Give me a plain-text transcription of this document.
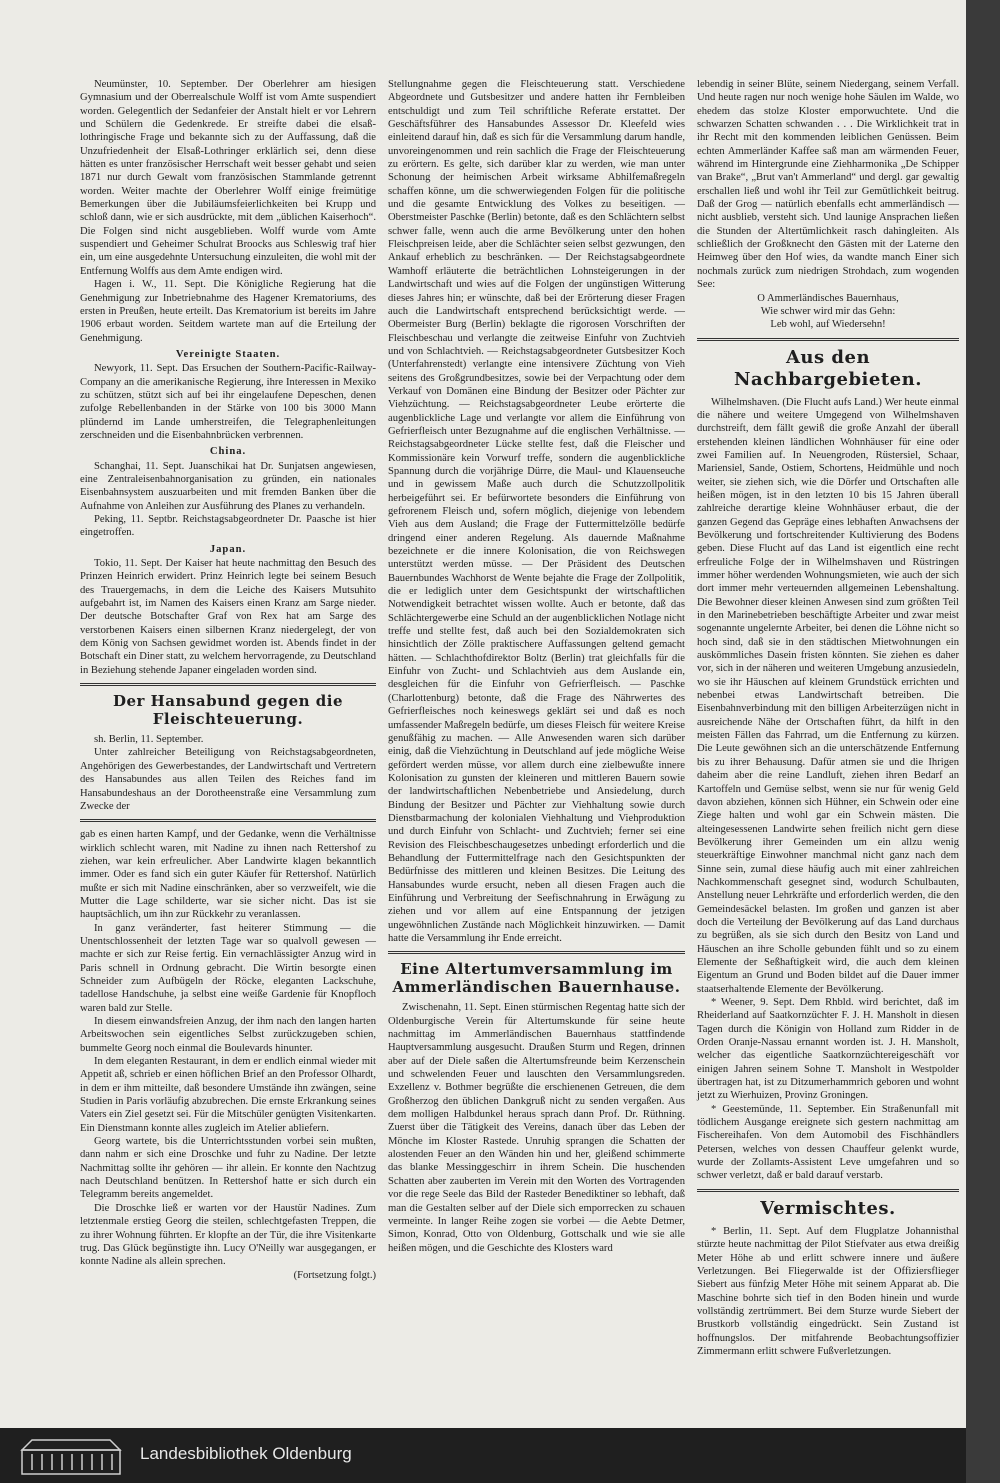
Neumünster, 10. September. Der Oberlehrer am hiesigen Gymnasium und der Oberrealschule Wolff ist vom Amte suspendiert worden. Gelegentlich der Sedanfeier der Anstalt hielt er vor Lehrern und Schülern die Gedenkrede. Er streifte dabei die elsaß-lothringische Frage und bekannte sich zu der Auffassung, daß die Unzufriedenheit der Elsaß-Lothringer erklärlich sei, denn diese hätten es unter französischer Herrschaft weit besser gehabt und seien 1871 nur durch Gewalt vom französischen Stammlande getrennt worden. Weiter machte der Oberlehrer Wolff einige freimütige Bemerkungen über die Jubiläumsfeierlichkeiten bei Krupp und schloß dann, wie er sich ausdrückte, mit dem „üblichen Kaiserhoch“. Die Folgen sind nicht ausgeblieben. Wolff wurde vom Amte suspendiert und Geheimer Schulrat Broocks aus Schleswig traf hier ein, um eine ausgedehnte Untersuchung einzuleiten, die wohl mit der Entfernung Wolffs aus dem Amte endigen wird.

Hagen i. W., 11. Sept. Die Königliche Regierung hat die Genehmigung zur Inbetriebnahme des Hagener Krematoriums, des ersten in Preußen, heute erteilt. Das Krematorium ist bereits im Jahre 1906 erbaut worden. Seitdem wartete man auf die Erteilung der Genehmigung.

Vereinigte Staaten.

Newyork, 11. Sept. Das Ersuchen der Southern-Pacific-Railway-Company an die amerikanische Regierung, ihre Interessen in Mexiko zu schützen, stützt sich auf bei ihr eingelaufene Depeschen, denen zufolge Rebellenbanden in der Stärke von 100 bis 3000 Mann plündernd im Lande umherstreifen, die Telegraphenleitungen zerschneiden und die Eisenbahnbrücken verbrennen.

China.

Schanghai, 11. Sept. Juanschikai hat Dr. Sunjatsen angewiesen, eine Zentraleisenbahnorganisation zu gründen, ein nationales Eisenbahnsystem auszuarbeiten und mit fremden Banken über die Aufnahme von Anleihen zur Ausführung des Planes zu verhandeln.

Peking, 11. Septbr. Reichstagsabgeordneter Dr. Paasche ist hier eingetroffen.

Japan.

Tokio, 11. Sept. Der Kaiser hat heute nachmittag den Besuch des Prinzen Heinrich erwidert. Prinz Heinrich legte bei seinem Besuch des Trauergemachs, in dem die Leiche des Kaisers Mutsuhito aufgebahrt ist, im Namen des Kaisers einen Kranz am Sarge nieder. Der deutsche Botschafter Graf von Rex hat am Sarge des verstorbenen Kaisers einen silbernen Kranz niedergelegt, der von dem König von Sachsen gewidmet worden ist. Abends findet in der Botschaft ein Diner statt, zu welchem hervorragende, zu Deutschland in Beziehung stehende Japaner eingeladen worden sind.

Der Hansabund gegen die Fleischteuerung.

sh. Berlin, 11. September.

Unter zahlreicher Beteiligung von Reichstagsabgeordneten, Angehörigen des Gewerbestandes, der Landwirtschaft und Vertretern des Hansabundes aus allen Teilen des Reiches fand im Hansabundeshaus an der Dorotheenstraße eine Versammlung zum Zwecke der

gab es einen harten Kampf, und der Gedanke, wenn die Verhältnisse wirklich schlecht waren, mit Nadine zu ihnen nach Rettershof zu ziehen, war kein erfreulicher. Aber Landwirte klagen bekanntlich immer. Oder es fand sich ein guter Käufer für Rettershof. Natürlich mußte er sich mit Nadine einschränken, aber so verzweifelt, wie die Mutter die Lage schilderte, war sie sicher nicht. Das ist sie hauptsächlich, um ihn zur Rückkehr zu veranlassen.

In ganz veränderter, fast heiterer Stimmung — die Unentschlossenheit der letzten Tage war so qualvoll gewesen — machte er sich zur Reise fertig. Ein vernachlässigter Anzug wird in Paris schnell in Ordnung gebracht. Die Wirtin besorgte einen Schneider zum Aufbügeln der Röcke, eleganten Lackschuhe, tadellose Handschuhe, ja selbst eine weiße Gardenie für Knopfloch waren bald zur Stelle.

In diesem einwandsfreien Anzug, der ihm nach den langen harten Arbeitswochen sein eigentliches Selbst zurückzugeben schien, bummelte Georg noch einmal die Boulevards hinunter.

In dem eleganten Restaurant, in dem er endlich einmal wieder mit Appetit aß, schrieb er einen höflichen Brief an den Professor Olhardt, in dem er ihm mitteilte, daß besondere Umstände ihn zwängen, seine Studien in Paris vorläufig abzubrechen. Die ernste Erkrankung seines Vaters ein Ziel gesetzt sei. Für die Mitschüler genügten Visitenkarten. Ein Dienstmann konnte alles zugleich im Atelier abliefern.

Georg wartete, bis die Unterrichtsstunden vorbei sein mußten, dann nahm er sich eine Droschke und fuhr zu Nadine. Der letzte Nachmittag sollte ihr gehören — ihr allein. Er konnte den Nachtzug nach Deutschland benützen. In Rettershof hatte er sich durch ein Telegramm bereits angemeldet.

Die Droschke ließ er warten vor der Haustür Nadines. Zum letztenmale erstieg Georg die steilen, schlechtgefasten Treppen, die zu ihrer Wohnung führten. Er klopfte an der Tür, die ihre Visitenkarte trug. Das Glück begünstigte ihn. Lucy O'Neilly war ausgegangen, er konnte Nadine als allein sprechen.

(Fortsetzung folgt.)

Stellungnahme gegen die Fleischteuerung statt. Verschiedene Abgeordnete und Gutsbesitzer und andere hatten ihr Fernbleiben entschuldigt und zum Teil schriftliche Referate erstattet. Der Geschäftsführer des Hansabundes Assessor Dr. Kleefeld wies einleitend darauf hin, daß es sich für die Versammlung darum handle, unvoreingenommen und rein sachlich die Frage der Fleischteuerung zu erörtern. Es gelte, sich darüber klar zu werden, wie man unter Schonung der heimischen Arbeit wirksame Abhilfemaßregeln schaffen könne, um die schwerwiegenden Folgen für die politische und die gesamte Entwicklung des Volkes zu beseitigen. — Oberstmeister Paschke (Berlin) betonte, daß es den Schlächtern selbst schwer falle, wenn auch die arme Bevölkerung unter den hohen Fleischpreisen leide, aber die Schlächter seien selbst gezwungen, den Ankauf erheblich zu beschränken. — Der Reichstagsabgeordnete Wamhoff erläuterte die beträchtlichen Lohnsteigerungen in der Landwirtschaft und wies auf die Folgen der ungünstigen Witterung dieses Jahres hin; er wünschte, daß bei der Erörterung dieser Fragen auch die Landwirtschaft entsprechend berücksichtigt werde. — Obermeister Burg (Berlin) beklagte die rigorosen Vorschriften der Fleischbeschau und verlangte die zeitweise Einfuhr von Zuchtvieh und von Schlachtvieh. — Reichstagsabgeordneter Gutsbesitzer Koch (Unterfahrenstedt) verlangte eine intensivere Züchtung von Vieh seitens des Großgrundbesitzes, sowie bei der Verpachtung oder dem Verkauf von Domänen eine Bindung der Besitzer oder Pächter zur Viehzüchtung. — Reichstagsabgeordneter Leube erörterte die augenblickliche Lage und verlangte vor allem die Einführung von Gefrierfleisch unter Bezugnahme auf die englischen Verhältnisse. — Reichstagsabgeordneter Lücke stellte fest, daß die Fleischer und Kommissionäre kein Vorwurf treffe, sondern die augenblickliche Spannung durch die vorjährige Dürre, die Maul- und Klauenseuche und in gewissem Maße auch durch die Schutzzollpolitik herbeigeführt sei. Er befürwortete besonders die Einführung von gefrorenem Fleisch und, sofern möglich, diejenige von lebendem Vieh aus dem Ausland; die Frage der Futtermittelzölle bedürfe dringend einer anderen Regelung. Als dauernde Maßnahme bezeichnete er die innere Kolonisation, die von Reichswegen unterstützt werden müsse. — Der Präsident des Deutschen Bauernbundes Wachhorst de Wente bejahte die Frage der Zollpolitik, die er lediglich unter dem Gesichtspunkt der wirtschaftlichen Notwendigkeit betrachtet wissen wollte. Auch er betonte, daß das Schlächtergewerbe eine Schuld an der augenblicklichen Notlage nicht treffe und stellte fest, daß auch bei den Sozialdemokraten sich hinsichtlich der Zölle praktischere Auffassungen geltend gemacht hätten. — Schlachthofdirektor Boltz (Berlin) trat gleichfalls für die Einfuhr von Zucht- und Schlachtvieh aus dem Auslande ein, desgleichen für die Einfuhr von Gefrierfleisch. — Paschke (Charlottenburg) betonte, daß die Frage des Nährwertes des Gefrierfleisches noch keineswegs geklärt sei und daß es noch umfassender Maßregeln bedürfe, um dieses Fleisch für weitere Kreise genußfähig zu machen. — Alle Anwesenden waren sich darüber einig, daß die Viehzüchtung in Deutschland auf jede mögliche Weise gefördert werden müsse, vor allem durch eine zielbewußte innere Kolonisation zu gunsten der kleineren und mittleren Bauern sowie der landwirtschaftlichen Nebenbetriebe und Ansiedelung, durch Bindung der Besitzer und Pächter zur Viehhaltung sowie durch Dienstbarmachung der kolonialen Viehhaltung und Viehproduktion und durch Einfuhr von Schlacht- und Zuchtvieh; ferner sei eine Revision des Fleischbeschaugesetzes unbedingt erforderlich und die Behandlung der Futtermittelfrage nach den Gesichtspunkten der Bedürfnisse des mittleren und kleinen Besitzes. Die Leitung des Hansabundes wurde ersucht, neben all diesen Fragen auch die Einführung und Verbreitung der Seefischnahrung in Erwägung zu ziehen und vor allem auf eine Entspannung der jetzigen ungewöhnlichen Zustände nach Möglichkeit hinzuwirken. — Damit hatte die Versammlung ihr Ende erreicht.

Eine Altertumversammlung im Ammerländischen Bauernhause.

Zwischenahn, 11. Sept. Einen stürmischen Regentag hatte sich der Oldenburgische Verein für Altertumskunde für seine heute nachmittag im Ammerländischen Bauernhaus stattfindende Hauptversammlung ausgesucht. Draußen Sturm und Regen, drinnen aber auf der Diele saßen die Altertumsfreunde beim Kerzenschein und schwelenden Feuer und lauschten den Versammlungsreden. Exzellenz v. Bothmer begrüßte die erschienenen Getreuen, die dem Großherzog den üblichen Dankgruß nicht zu senden vergaßen. Aus dem molligen Halbdunkel heraus sprach dann Prof. Dr. Rüthning. Zuerst über die Tätigkeit des Vereins, danach über das Leben der Mönche im Kloster Rastede. Unruhig sprangen die Schatten der alostenden Feuer an den Wänden hin und her, gleißend schimmerte das blanke Messinggeschirr in ihrem Schein. Die huschenden Schatten aber zauberten im Verein mit den Worten des Vortragenden vor die rege Seele das Bild der Rasteder Benediktiner so lebhaft, daß man die Gestalten selber auf der Diele sich emporrecken zu schauen vermeinte. In langer Reihe zogen sie vorbei — die Aebte Detmer, Simon, Konrad, Otto von Oldenburg, Gottschalk und wie sie alle heißen mögen, und die Geschichte des Klosters ward

lebendig in seiner Blüte, seinem Niedergang, seinem Verfall. Und heute ragen nur noch wenige hohe Säulen im Walde, wo ehedem das stolze Kloster emporwuchtete. Und die schwarzen Schatten schwanden . . . Die Wirklichkeit trat in ihr Recht mit den kommenden leiblichen Genüssen. Beim echten Ammerländer Kaffee saß man am wärmenden Feuer, während im Hintergrunde eine Ziehharmonika „De Schipper van Brake“, „Brut van't Ammerland“ und dergl. gar gewaltig erschallen ließ und wohl ihr Teil zur Gemütlichkeit beitrug. Daß der Grog — natürlich ebenfalls echt ammerländisch — nicht ausblieb, versteht sich. Und launige Ansprachen ließen die Stunden der Altertümlichkeit rasch dahingleiten. Als schließlich der Großknecht den Gästen mit der Laterne den Heimweg über den Hof wies, da wandte manch Einer sich nochmals zurück zum niedrigen Strohdach, zum wogenden See:

O Ammerländisches Bauernhaus,

Wie schwer wird mir das Gehn:

Leb wohl, auf Wiedersehn!

Aus den Nachbargebieten.

Wilhelmshaven. (Die Flucht aufs Land.) Wer heute einmal die nähere und weitere Umgegend von Wilhelmshaven durchstreift, dem fällt gewiß die große Anzahl der überall erstehenden kleinen ländlichen Wohnhäuser für eine oder zwei Familien auf. In Neuengroden, Rüstersiel, Schaar, Mariensiel, Sande, Ostiem, Schortens, Heidmühle und noch weiter, sie ziehen sich, wie die Dörfer und Ortschaften alle heißen mögen, ist in den letzten 10 bis 15 Jahren überall zahlreiche derartige kleine Wohnhäuser erbaut, die der ganzen Gegend das Gepräge eines lebhaften Anwachsens der Bevölkerung und fortschreitender Kultivierung des Bodens geben. Diese Flucht auf das Land ist eigentlich eine recht erfreuliche Folge der in Wilhelmshaven und Rüstringen immer höher werdenden Wohnungsmieten, wie auch der sich dort immer mehr verteuernden allgemeinen Lebenshaltung. Die Bewohner dieser kleinen Anwesen sind zum größten Teil in den Marinebetrieben beschäftigte Arbeiter und zwar meist sogenannte ungelernte Arbeiter, bei denen die Löhne nicht so hoch sind, daß sie in den städtischen Mietwohnungen ein auskömmliches Dasein fristen könnten. Sie ziehen es daher vor, sich in der näheren und weiteren Umgebung anzusiedeln, wo sie ihr Häuschen auf kleinem Grundstück errichten und nebenbei etwas Landwirtschaft betreiben. Die Eisenbahnverbindung mit den billigen Arbeiterzügen nicht in ausreichende Nähe der Ortschaften führt, da hilft in den meisten Fällen das Fahrrad, um die Entfernung zu kürzen. Die Leute gewöhnen sich an die unterschätzende Entfernung bis zu ihrer Behausung. Dafür atmen sie und die Ihrigen daheim aber die reine Landluft, ziehen ihren Bedarf an Kartoffeln und Gemüse selbst, wenn sie nur für wenig Geld davon abziehen, können sich Hühner, ein Schwein oder eine Ziege halten und wohl gar ein Schwein mästen. Die alteingesessenen Landwirte sehen freilich nicht gern diese Bevölkerung ihrer Gemeinden um ein allzu wenig steuerkräftige Einwohner manchmal nicht ganz nach dem Sinne sein, zumal diese häufig auch mit einer zahlreichen Nachkommenschaft gesegnet sind, wodurch Schulbauten, Anstellung neuer Lehrkräfte und erforderlich werden, die den Gemeindesäckel belasten. Im großen und ganzen ist aber doch die Verteilung der Bevölkerung auf das Land durchaus zu begrüßen, als sie sich durch den Besitz von Land und Häuschen an ihre Scholle gebunden fühlt und so zu einem Elemente der Seßhaftigkeit wird, die auch dem kleinen Eigentum an Grund und Boden bildet auf die Dauer immer staatserhaltende Elemente der Bevölkerung.

* Weener, 9. Sept. Dem Rhbld. wird berichtet, daß im Rheiderland auf Saatkornzüchter F. J. H. Mansholt in diesen Tagen durch die Königin von Holland zum Ridder in de Orden Oranje-Nassau ernannt worden ist. J. H. Mansholt, welcher das eigentliche Saatkornzüchtereigeschäft vor einigen Jahren seinem Sohne T. Mansholt in Westpolder übertragen hat, ist zu Ditzumerhammrich geboren und wohnt jetzt zu Wierhuizen, Provinz Groningen.

* Geestemünde, 11. September. Ein Straßenunfall mit tödlichem Ausgange ereignete sich gestern nachmittag am Fischereihafen. Von dem Automobil des Fischhändlers Petersen, welches von dessen Chauffeur gelenkt wurde, wurde der Zollamts-Assistent Leve umgefahren und so schwer verletzt, daß er bald darauf verstarb.

Vermischtes.

* Berlin, 11. Sept. Auf dem Flugplatze Johannisthal stürzte heute nachmittag der Pilot Stiefvater aus etwa dreißig Meter Höhe ab und erlitt schwere innere und äußere Verletzungen. Bei Fliegerwalde ist der Offiziersflieger Siebert aus fünfzig Meter Höhe mit seinem Apparat ab. Die Maschine bohrte sich tief in den Boden hinein und wurde vollständig zertrümmert. Bei dem Sturze wurde Siebert der Brustkorb vollständig eingedrückt. Sein Zustand ist hoffnungslos. Der mitfahrende Beobachtungsoffizier Zimmermann erlitt schwere Fußverletzungen.

Landesbibliothek Oldenburg
